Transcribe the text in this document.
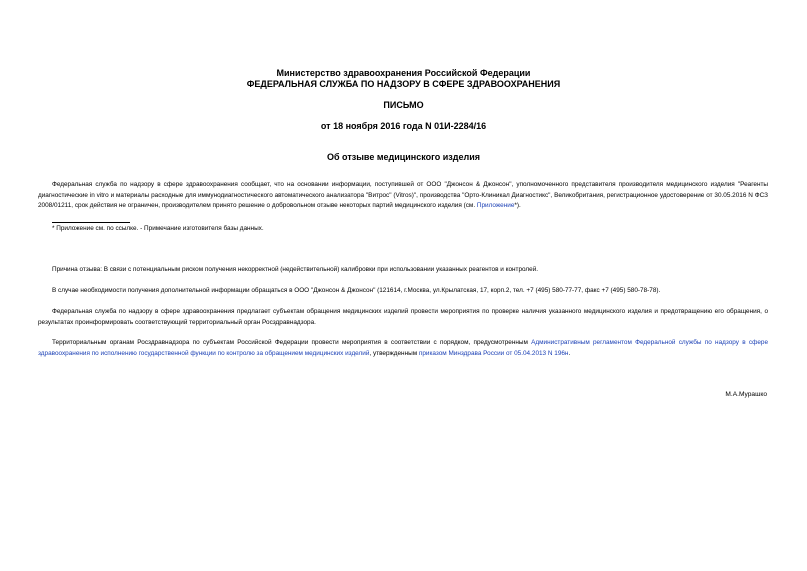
Министерство здравоохранения Российской Федерации
ФЕДЕРАЛЬНАЯ СЛУЖБА ПО НАДЗОРУ В СФЕРЕ ЗДРАВООХРАНЕНИЯ
ПИСЬМО
от 18 ноября 2016 года N 01И-2284/16
Об отзыве медицинского изделия
Федеральная служба по надзору в сфере здравоохранения сообщает, что на основании информации, поступившей от ООО "Джонсон & Джонсон", уполномоченного представителя производителя медицинского изделия "Реагенты диагностические in vitro и материалы расходные для иммунодиагностического автоматического анализатора "Витрос" (Vitros)", производства "Орто-Клиникал Диагностикс", Великобритания, регистрационное удостоверение от 30.05.2016 N ФСЗ 2008/01211, срок действия не ограничен, производителем принято решение о добровольном отзыве некоторых партий медицинского изделия (см. Приложение*).
* Приложение см. по ссылке. - Примечание изготовителя базы данных.
Причина отзыва: В связи с потенциальным риском получения некорректной (недействительной) калибровки при использовании указанных реагентов и контролей.
В случае необходимости получения дополнительной информации обращаться в ООО "Джонсон & Джонсон" (121614, г.Москва, ул.Крылатская, 17, корп.2, тел. +7 (495) 580-77-77, факс +7 (495) 580-78-78).
Федеральная служба по надзору в сфере здравоохранения предлагает субъектам обращения медицинских изделий провести мероприятия по проверке наличия указанного медицинского изделия и предотвращению его обращения, о результатах проинформировать соответствующий территориальный орган Росздравнадзора.
Территориальным органам Росздравнадзора по субъектам Российской Федерации провести мероприятия в соответствии с порядком, предусмотренным Административным регламентом Федеральной службы по надзору в сфере здравоохранения по исполнению государственной функции по контролю за обращением медицинских изделий, утвержденным приказом Минздрава России от 05.04.2013 N 196н.
М.А.Мурашко
